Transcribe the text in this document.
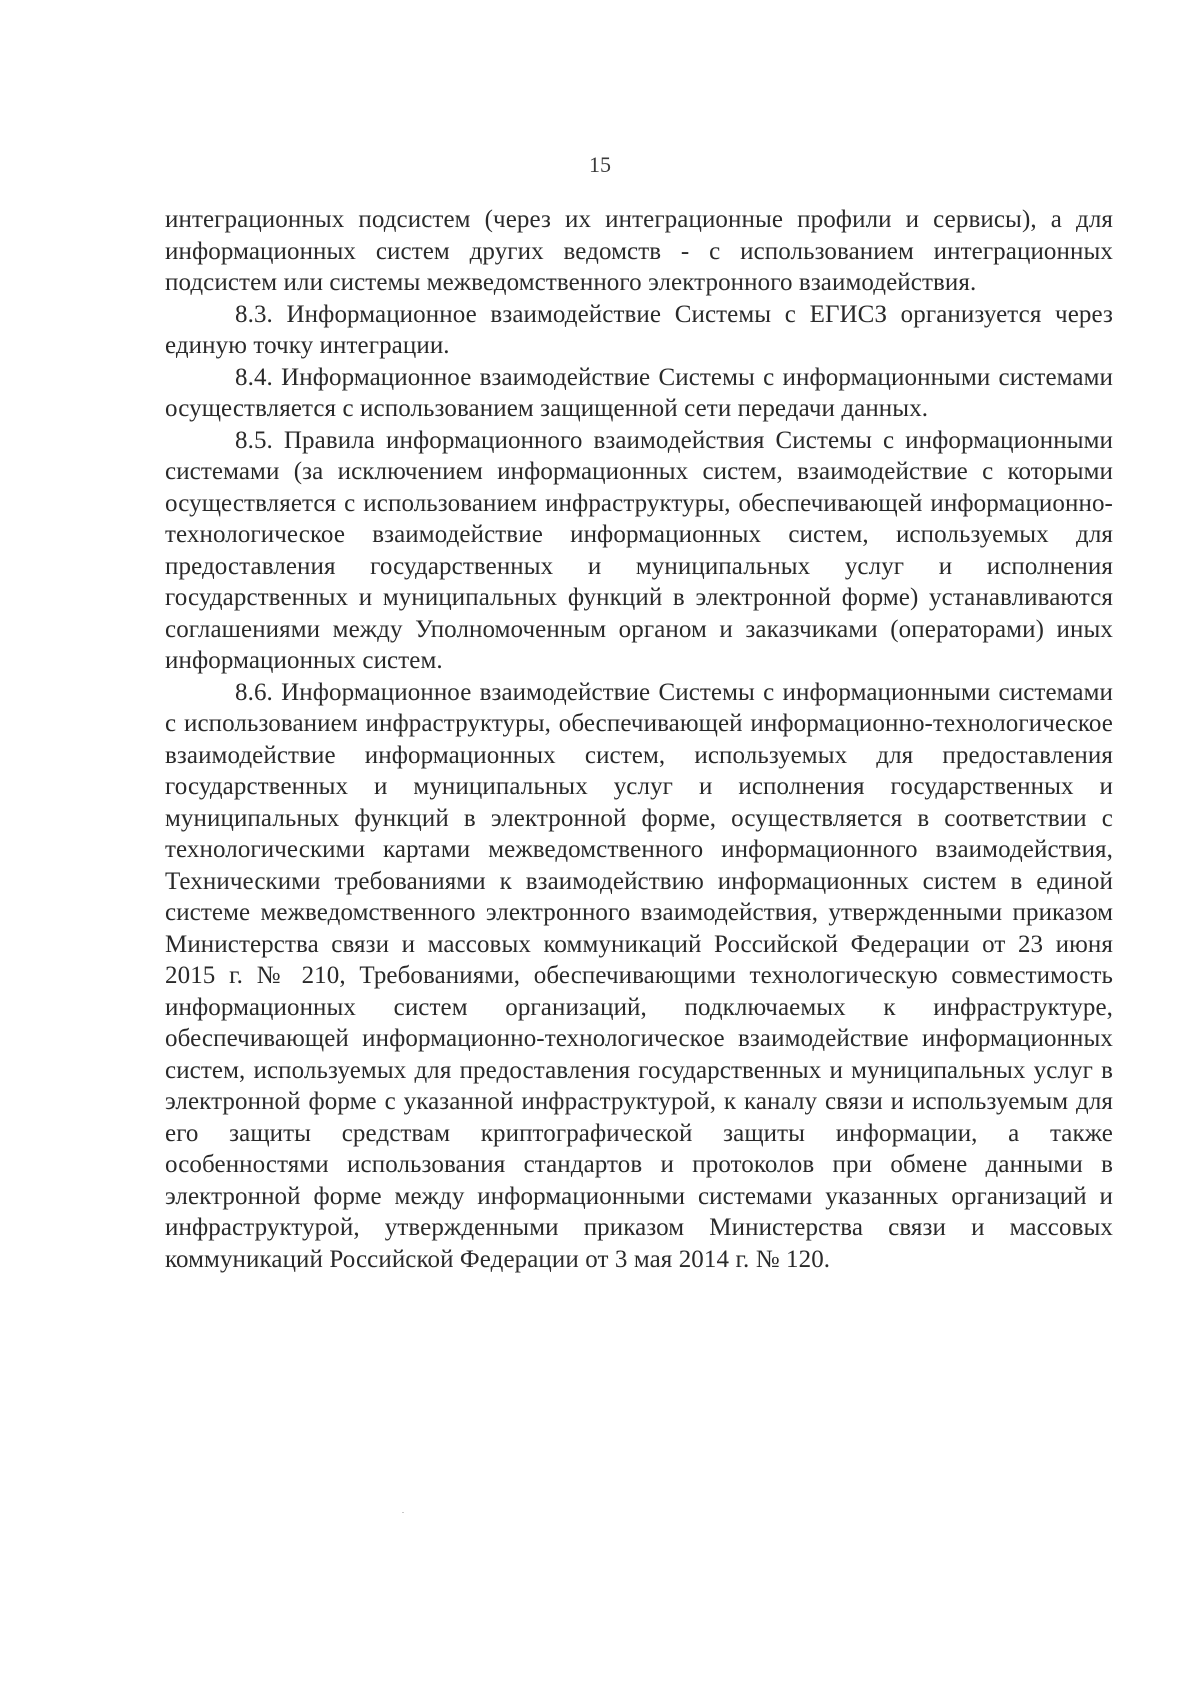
15

интеграционных подсистем (через их интеграционные профили и сервисы), а для информационных систем других ведомств - с использованием интеграционных подсистем или системы межведомственного электронного взаимодействия.

8.3. Информационное взаимодействие Системы с ЕГИСЗ организуется через единую точку интеграции.

8.4. Информационное взаимодействие Системы с информационными системами осуществляется с использованием защищенной сети передачи данных.

8.5. Правила информационного взаимодействия Системы с информационными системами (за исключением информационных систем, взаимодействие с которыми осуществляется с использованием инфраструктуры, обеспечивающей информационно-технологическое взаимодействие информационных систем, используемых для предоставления государственных и муниципальных услуг и исполнения государственных и муниципальных функций в электронной форме) устанавливаются соглашениями между Уполномоченным органом и заказчиками (операторами) иных информационных систем.

8.6. Информационное взаимодействие Системы с информационными системами с использованием инфраструктуры, обеспечивающей информационно-технологическое взаимодействие информационных систем, используемых для предоставления государственных и муниципальных услуг и исполнения государственных и муниципальных функций в электронной форме, осуществляется в соответствии с технологическими картами межведомственного информационного взаимодействия, Техническими требованиями к взаимодействию информационных систем в единой системе межведомственного электронного взаимодействия, утвержденными приказом Министерства связи и массовых коммуникаций Российской Федерации от 23 июня 2015 г. № 210, Требованиями, обеспечивающими технологическую совместимость информационных систем организаций, подключаемых к инфраструктуре, обеспечивающей информационно-технологическое взаимодействие информационных систем, используемых для предоставления государственных и муниципальных услуг в электронной форме с указанной инфраструктурой, к каналу связи и используемым для его защиты средствам криптографической защиты информации, а также особенностями использования стандартов и протоколов при обмене данными в электронной форме между информационными системами указанных организаций и инфраструктурой, утвержденными приказом Министерства связи и массовых коммуникаций Российской Федерации от 3 мая 2014 г. № 120.
